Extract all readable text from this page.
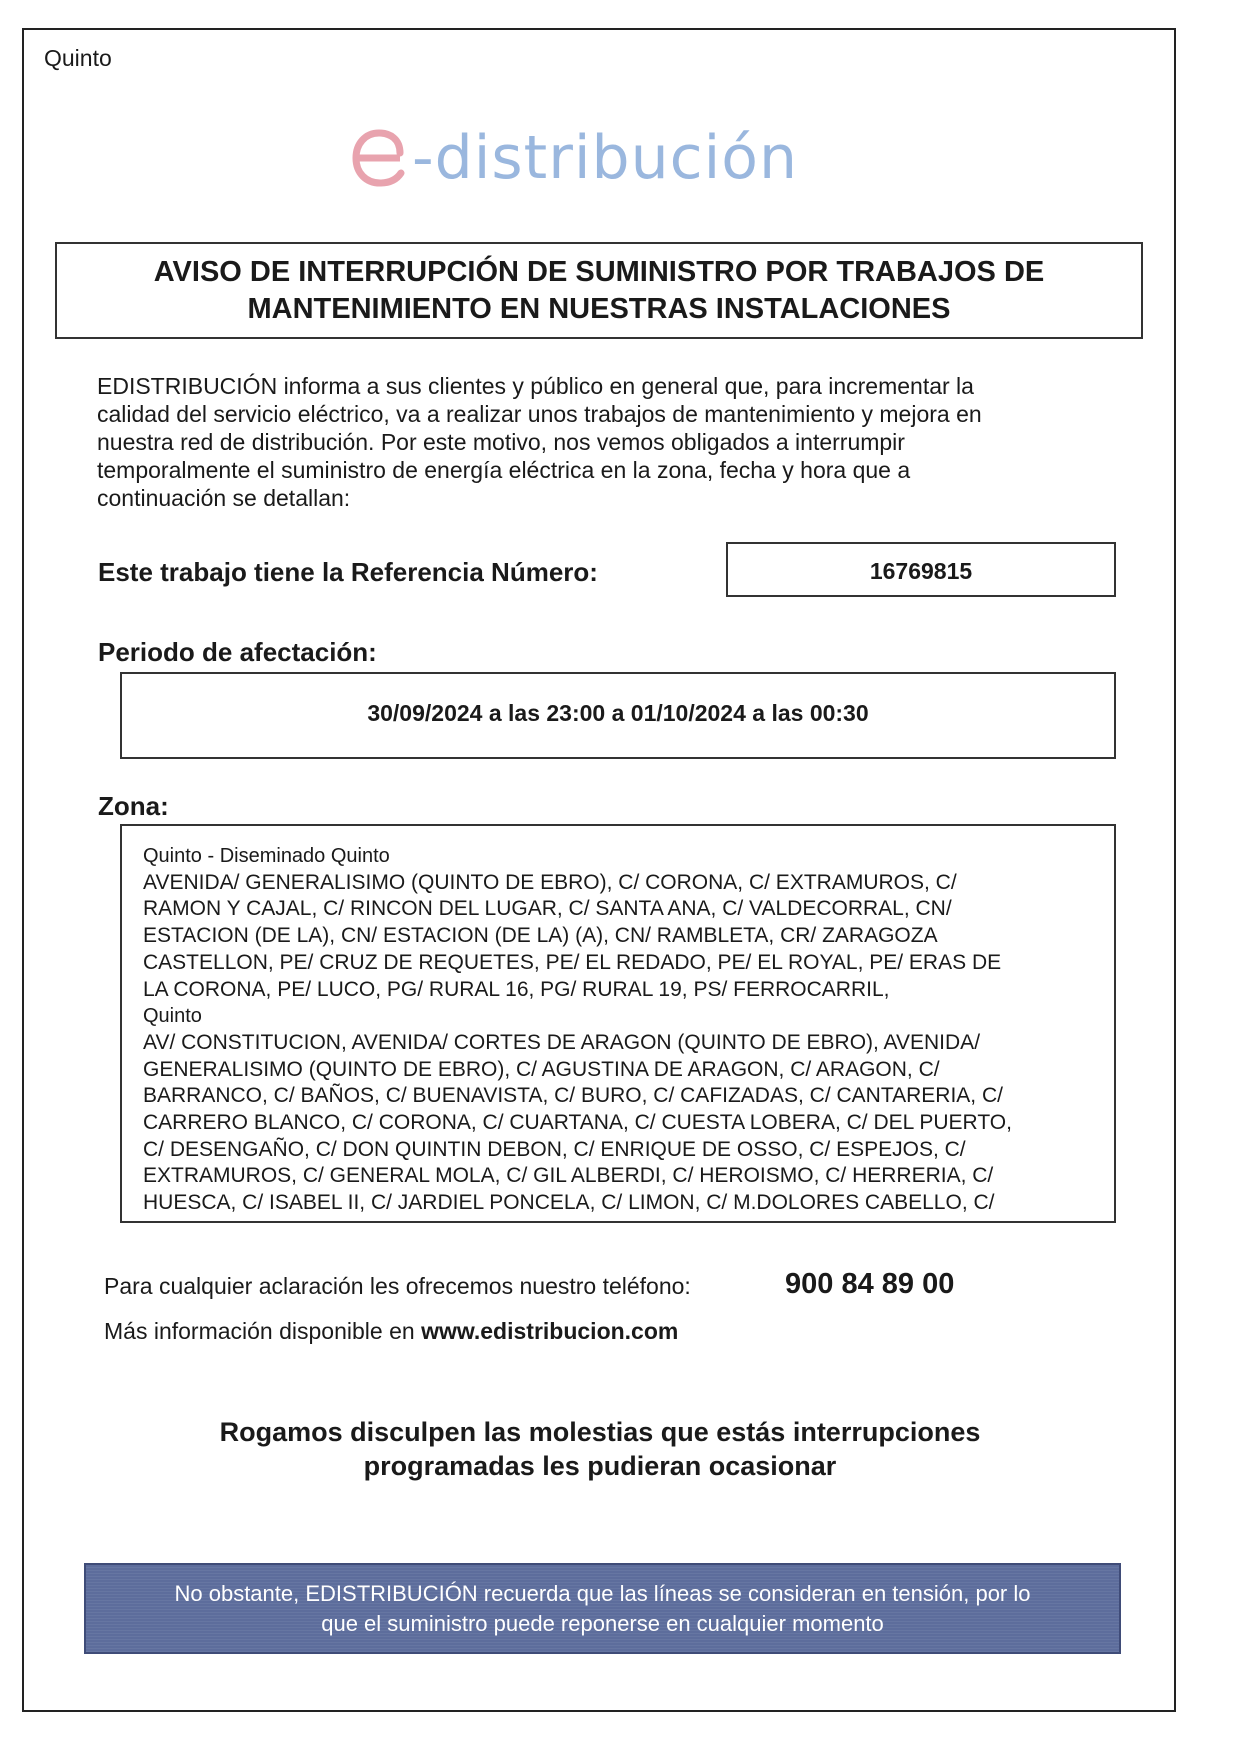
Quinto
-distribución
AVISO DE INTERRUPCIÓN DE SUMINISTRO POR TRABAJOS DE
MANTENIMIENTO EN NUESTRAS INSTALACIONES
EDISTRIBUCIÓN informa a sus clientes y público en general que, para incrementar la
calidad del servicio eléctrico, va a realizar unos trabajos de mantenimiento y mejora en
nuestra red de distribución. Por este motivo, nos vemos obligados a interrumpir
temporalmente el suministro de energía eléctrica en la zona, fecha y hora que a
continuación se detallan:
Este trabajo tiene la Referencia Número:	16769815
Periodo de afectación:
30/09/2024 a las 23:00 a 01/10/2024 a las 00:30
Zona:
Quinto - Diseminado Quinto
AVENIDA/ GENERALISIMO (QUINTO DE EBRO), C/ CORONA, C/ EXTRAMUROS, C/
RAMON Y CAJAL, C/ RINCON DEL LUGAR, C/ SANTA ANA, C/ VALDECORRAL, CN/
ESTACION (DE LA), CN/ ESTACION (DE LA) (A), CN/ RAMBLETA, CR/ ZARAGOZA
CASTELLON, PE/ CRUZ DE REQUETES, PE/ EL REDADO, PE/ EL ROYAL, PE/ ERAS DE
LA CORONA, PE/ LUCO, PG/ RURAL 16, PG/ RURAL 19, PS/ FERROCARRIL,
Quinto
AV/ CONSTITUCION, AVENIDA/ CORTES DE ARAGON (QUINTO DE EBRO), AVENIDA/
GENERALISIMO (QUINTO DE EBRO), C/ AGUSTINA DE ARAGON, C/ ARAGON, C/
BARRANCO, C/ BAÑOS, C/ BUENAVISTA, C/ BURO, C/ CAFIZADAS, C/ CANTARERIA, C/
CARRERO BLANCO, C/ CORONA, C/ CUARTANA, C/ CUESTA LOBERA, C/ DEL PUERTO,
C/ DESENGAÑO, C/ DON QUINTIN DEBON, C/ ENRIQUE DE OSSO, C/ ESPEJOS, C/
EXTRAMUROS, C/ GENERAL MOLA, C/ GIL ALBERDI, C/ HEROISMO, C/ HERRERIA, C/
HUESCA, C/ ISABEL II, C/ JARDIEL PONCELA, C/ LIMON, C/ M.DOLORES CABELLO, C/
Para cualquier aclaración les ofrecemos nuestro teléfono:	900 84 89 00
Más información disponible en www.edistribucion.com
Rogamos disculpen las molestias que estás interrupciones
programadas les pudieran ocasionar
No obstante, EDISTRIBUCIÓN recuerda que las líneas se consideran en tensión, por lo
que el suministro puede reponerse en cualquier momento
